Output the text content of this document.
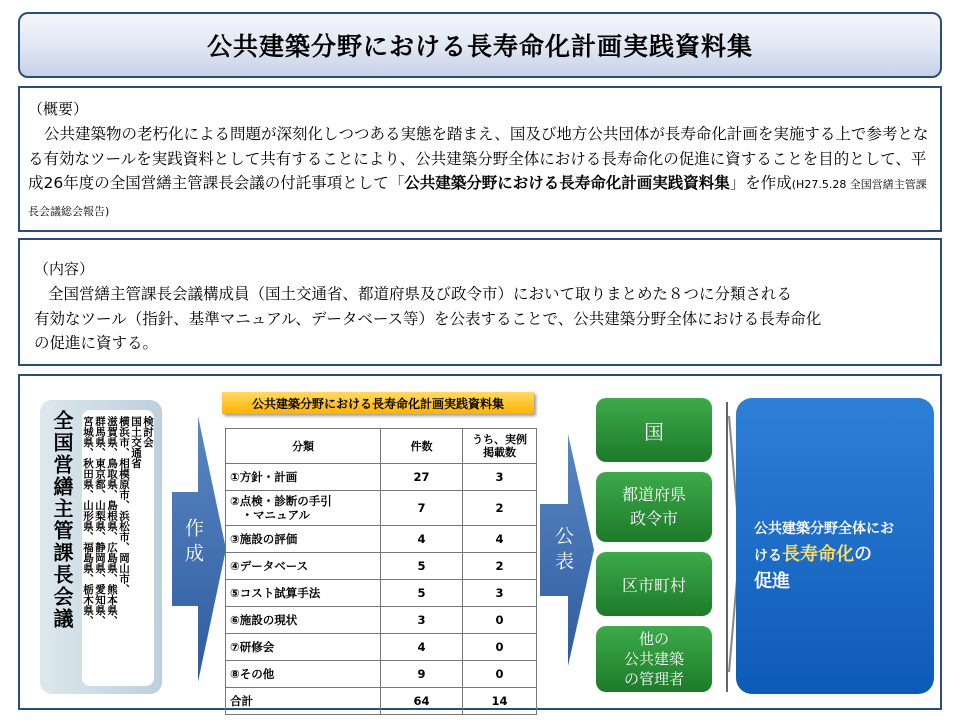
公共建築分野における長寿命化計画実践資料集
（概要）
公共建築物の老朽化による問題が深刻化しつつある実態を踏まえ、国及び地方公共団体が長寿命化計画を実施する上で参考となる有効なツールを実践資料として共有することにより、公共建築分野全体における長寿命化の促進に資することを目的として、平成26年度の全国営繕主管課長会議の付託事項として「公共建築分野における長寿命化計画実践資料集」を作成(H27.5.28 全国営繕主管課長会議総会報告)
（内容）
全国営繕主管課長会議構成員（国土交通省、都道府県及び政令市）において取りまとめた８つに分類される
有効なツール（指針、基準マニュアル、データベース等）を公表することで、公共建築分野全体における長寿命化
の促進に資する。
全国営繕主管課長会議	検討会
国土交通省
横浜市、相模原市、浜松市、岡山市、
滋賀県、鳥取県、島根県、広島県、熊本県、
群馬県、東京都、山梨県、静岡県、愛知県、
宮城県、秋田県、山形県、福島県、栃木県、	作成
公共建築分野における長寿命化計画実践資料集
分類	件数	うち、実例
掲載数
①方針・計画	27	3
②点検・診断の手引
　・マニュアル	7	2
③施設の評価	4	4
④データベース	5	2
⑤コスト試算手法	5	3
⑥施設の現状	3	0
⑦研修会	4	0
⑧その他	9	0
合計	64	14
公表
国
都道府県
政令市
区市町村
他の
公共建築
の管理者
公共建築分野全体にお
ける長寿命化の
促進
